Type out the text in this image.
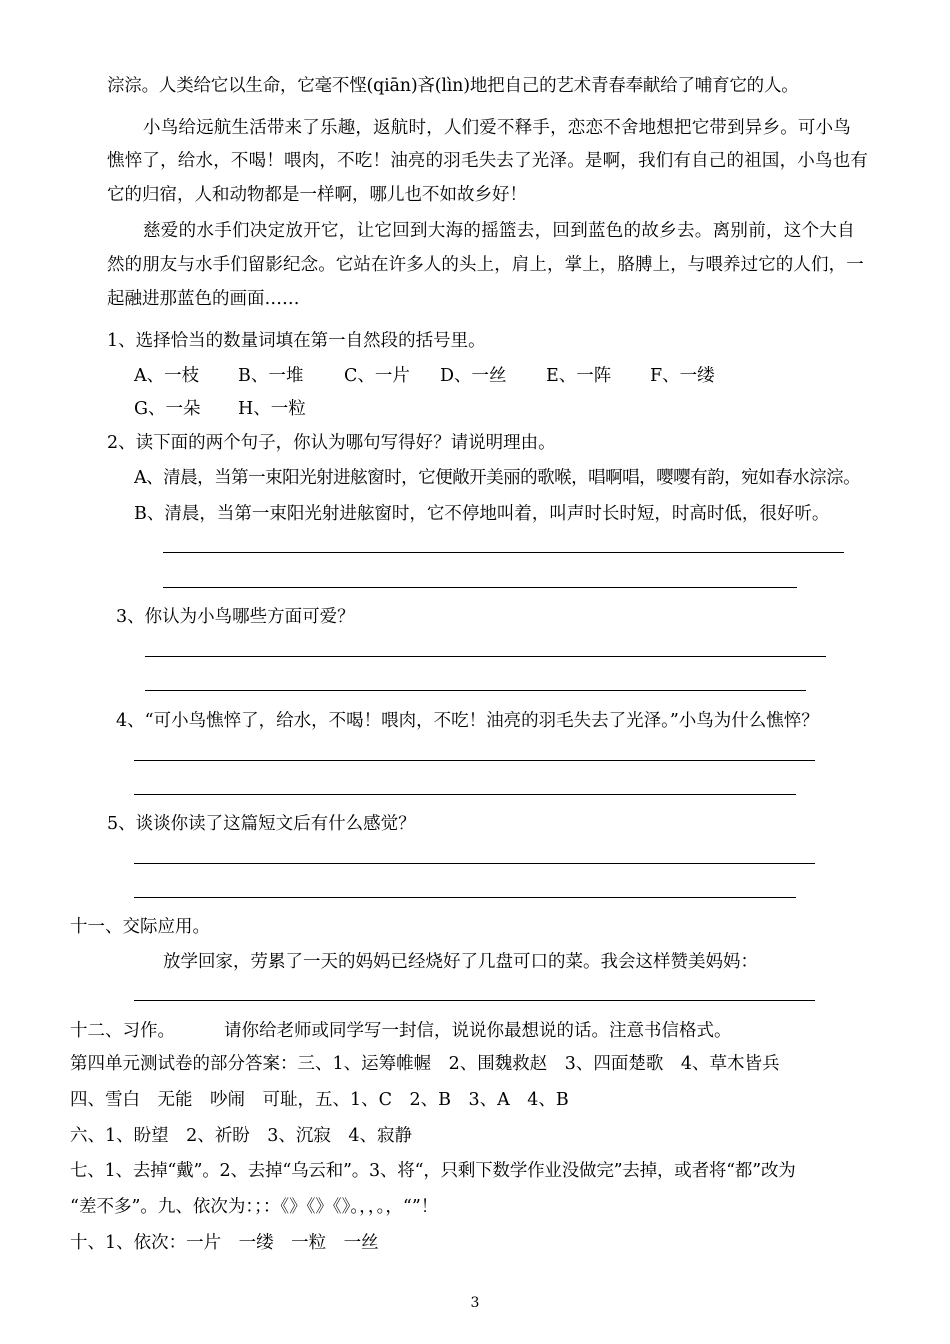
淙淙。人类给它以生命，它毫不悭(qiān)吝(lìn)地把自己的艺术青春奉献给了哺育它的人。
小鸟给远航生活带来了乐趣，返航时，人们爱不释手，恋恋不舍地想把它带到异乡。可小鸟
憔悴了，给水，不喝！喂肉，不吃！油亮的羽毛失去了光泽。是啊，我们有自己的祖国，小鸟也有
它的归宿，人和动物都是一样啊，哪儿也不如故乡好！
慈爱的水手们决定放开它，让它回到大海的摇篮去，回到蓝色的故乡去。离别前，这个大自
然的朋友与水手们留影纪念。它站在许多人的头上，肩上，掌上，胳膊上，与喂养过它的人们，一
起融进那蓝色的画面……
1、选择恰当的数量词填在第一自然段的括号里。
A、一枝 B、一堆 C、一片 D、一丝 E、一阵 F、一缕
G、一朵 H、一粒
2、读下面的两个句子，你认为哪句写得好？请说明理由。
A、清晨，当第一束阳光射进舷窗时，它便敞开美丽的歌喉，唱啊唱，嘤嘤有韵，宛如春水淙淙。
B、清晨，当第一束阳光射进舷窗时，它不停地叫着，叫声时长时短，时高时低，很好听。
3、你认为小鸟哪些方面可爱？
4、“可小鸟憔悴了，给水，不喝！喂肉，不吃！油亮的羽毛失去了光泽。”小鸟为什么憔悴？
5、谈谈你读了这篇短文后有什么感觉？
十一、交际应用。
放学回家，劳累了一天的妈妈已经烧好了几盘可口的菜。我会这样赞美妈妈：
十二、习作。	请你给老师或同学写一封信，说说你最想说的话。注意书信格式。
第四单元测试卷的部分答案：三、1、运筹帷幄　2、围魏救赵　3、四面楚歌　4、草木皆兵
四、雪白　无能　吵闹　可耻，五、1、C　2、B　3、A　4、B
六、1、盼望　2、祈盼　3、沉寂　4、寂静
七、1、去掉“戴”。2、去掉“乌云和”。3、将“，只剩下数学作业没做完”去掉，或者将“都”改为
“差不多”。九、依次为：；：《》《》《》。，，。，“”！
十、1、依次：一片　一缕　一粒　一丝
3
